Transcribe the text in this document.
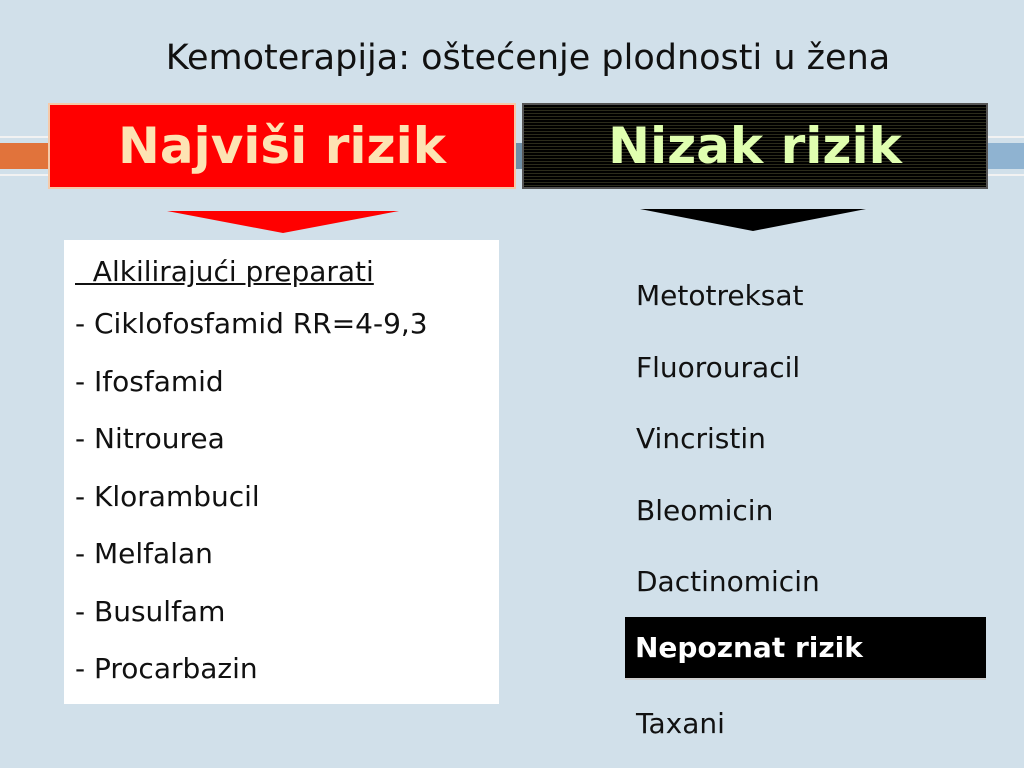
Kemoterapija: oštećenje plodnosti u žena
Najviši rizik	Nizak rizik
Alkilirajući preparati
- Ciklofosfamid RR=4-9,3
- Ifosfamid
- Nitrourea
- Klorambucil
- Melfalan
- Busulfam
- Procarbazin
Metotreksat
Fluorouracil
Vincristin
Bleomicin
Dactinomicin
Nepoznat rizik
Taxani
